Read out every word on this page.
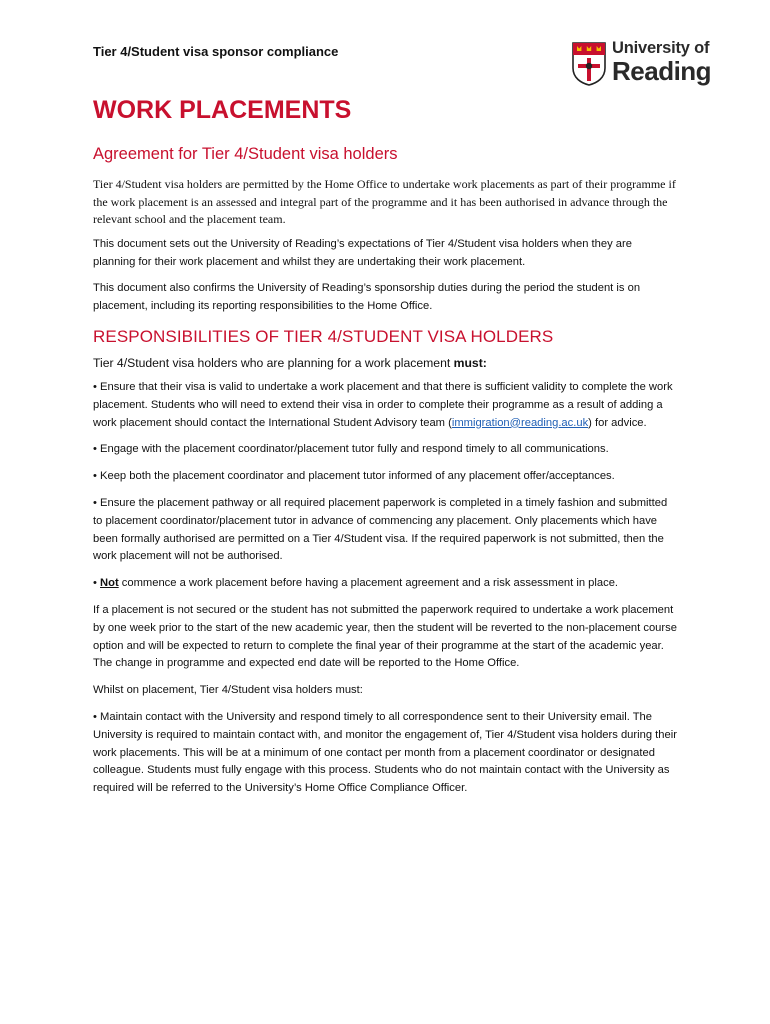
Tier 4/Student visa sponsor compliance	University of
Reading
WORK PLACEMENTS
Agreement for Tier 4/Student visa holders

Tier 4/Student visa holders are permitted by the Home Office to undertake work placements as part of their programme if the work placement is an assessed and integral part of the programme and it has been authorised in advance through the relevant school and the placement team.

This document sets out the University of Reading’s expectations of Tier 4/Student visa holders when they are planning for their work placement and whilst they are undertaking their work placement.

This document also confirms the University of Reading’s sponsorship duties during the period the student is on placement, including its reporting responsibilities to the Home Office.

RESPONSIBILITIES OF TIER 4/STUDENT VISA HOLDERS

Tier 4/Student visa holders who are planning for a work placement must:

• Ensure that their visa is valid to undertake a work placement and that there is sufficient validity to complete the work placement. Students who will need to extend their visa in order to complete their programme as a result of adding a work placement should contact the International Student Advisory team (immigration@reading.ac.uk) for advice.

• Engage with the placement coordinator/placement tutor fully and respond timely to all communications.

• Keep both the placement coordinator and placement tutor informed of any placement offer/acceptances.

• Ensure the placement pathway or all required placement paperwork is completed in a timely fashion and submitted to placement coordinator/placement tutor in advance of commencing any placement. Only placements which have been formally authorised are permitted on a Tier 4/Student visa. If the required paperwork is not submitted, then the work placement will not be authorised.

• Not commence a work placement before having a placement agreement and a risk assessment in place.

If a placement is not secured or the student has not submitted the paperwork required to undertake a work placement by one week prior to the start of the new academic year, then the student will be reverted to the non-placement course option and will be expected to return to complete the final year of their programme at the start of the academic year. The change in programme and expected end date will be reported to the Home Office.

Whilst on placement, Tier 4/Student visa holders must:

• Maintain contact with the University and respond timely to all correspondence sent to their University email. The University is required to maintain contact with, and monitor the engagement of, Tier 4/Student visa holders during their work placements. This will be at a minimum of one contact per month from a placement coordinator or designated colleague. Students must fully engage with this process. Students who do not maintain contact with the University as required will be referred to the University’s Home Office Compliance Officer.
